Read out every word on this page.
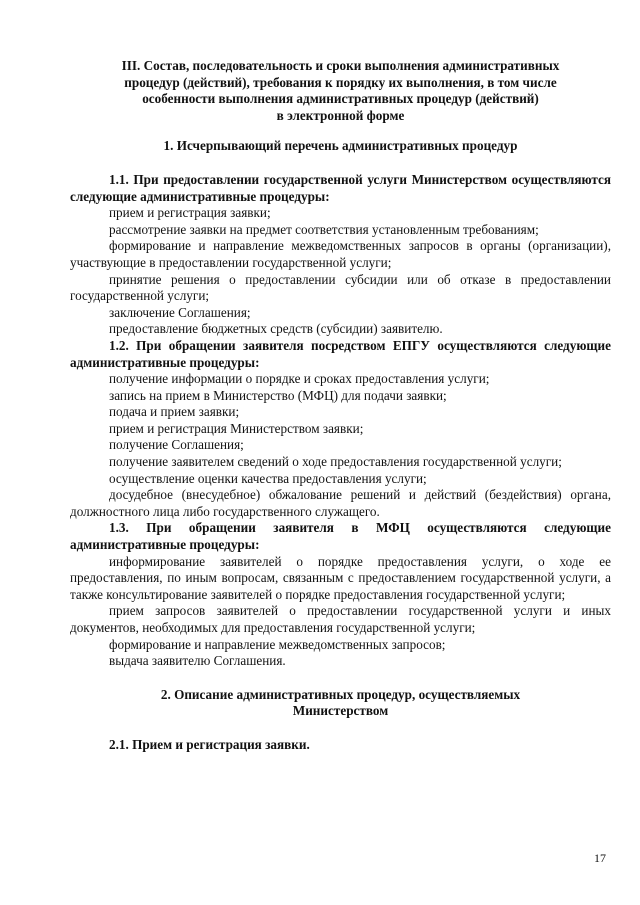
III. Состав, последовательность и сроки выполнения административных
процедур (действий), требования к порядку их выполнения, в том числе
особенности выполнения административных процедур (действий)
в электронной форме
1. Исчерпывающий перечень административных процедур

1.1. При предоставлении государственной услуги Министерством осуществляются следующие административные процедуры:

прием и регистрация заявки;

рассмотрение заявки на предмет соответствия установленным требованиям;

формирование и направление межведомственных запросов в органы (организации), участвующие в предоставлении государственной услуги;

принятие решения о предоставлении субсидии или об отказе в предоставлении государственной услуги;

заключение Соглашения;

предоставление бюджетных средств (субсидии) заявителю.

1.2. При обращении заявителя посредством ЕПГУ осуществляются следующие административные процедуры:

получение информации о порядке и сроках предоставления услуги;

запись на прием в Министерство (МФЦ) для подачи заявки;

подача и прием заявки;

прием и регистрация Министерством заявки;

получение Соглашения;

получение заявителем сведений о ходе предоставления государственной услуги;

осуществление оценки качества предоставления услуги;

досудебное (внесудебное) обжалование решений и действий (бездействия) органа, должностного лица либо государственного служащего.

1.3. При обращении заявителя в МФЦ осуществляются следующие административные процедуры:

информирование заявителей о порядке предоставления услуги, о ходе ее предоставления, по иным вопросам, связанным с предоставлением государственной услуги, а также консультирование заявителей о порядке предоставления государственной услуги;

прием запросов заявителей о предоставлении государственной услуги и иных документов, необходимых для предоставления государственной услуги;

формирование и направление межведомственных запросов;

выдача заявителю Соглашения.

2. Описание административных процедур, осуществляемых
Министерством

2.1. Прием и регистрация заявки.

17
